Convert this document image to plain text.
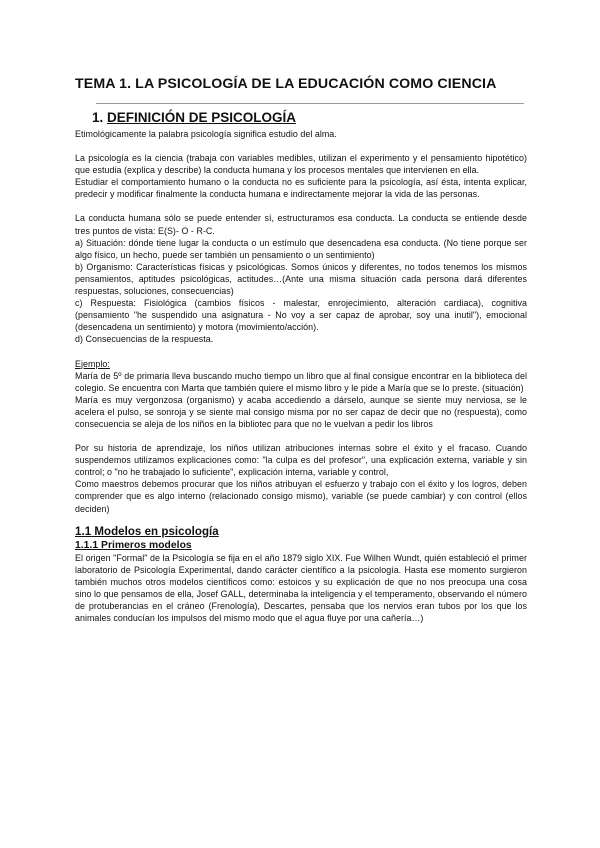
TEMA 1. LA PSICOLOGÍA DE LA EDUCACIÓN COMO CIENCIA
1. DEFINICIÓN DE PSICOLOGÍA

Etimológicamente la palabra psicología significa estudio del alma.

La psicología es la ciencia (trabaja con variables medibles, utilizan el experimento y el pensamiento hipotético) que estudia (explica y describe) la conducta humana y los procesos mentales que intervienen en ella.

Estudiar el comportamiento humano o la conducta no es suficiente para la psicología, así ésta, intenta explicar, predecir y modificar finalmente la conducta humana e indirectamente mejorar la vida de las personas.

La conducta humana sólo se puede entender sí, estructuramos esa conducta. La conducta se entiende desde tres puntos de vista: E(S)- O - R-C.

a) Situación: dónde tiene lugar la conducta o un estímulo que desencadena esa conducta. (No tiene porque ser algo físico, un hecho, puede ser también un pensamiento o un sentimiento)

b) Organismo: Características físicas y psicológicas. Somos únicos y diferentes, no todos tenemos los mismos pensamientos, aptitudes psicológicas, actitudes…(Ante una misma situación cada persona dará diferentes respuestas, soluciones, consecuencias)

c) Respuesta: Fisiológica (cambios físicos - malestar, enrojecimiento, alteración cardiaca), cognitiva (pensamiento "he suspendido una asignatura - No voy a ser capaz de aprobar, soy una inutil"), emocional (desencadena un sentimiento) y motora (movimiento/acción).

d) Consecuencias de la respuesta.

Ejemplo:

María de 5º de primaria lleva buscando mucho tiempo un libro que al final consigue encontrar en la biblioteca del colegio. Se encuentra con Marta que también quiere el mismo libro y le pide a María que se lo preste. (situación)

María es muy vergonzosa (organismo) y acaba accediendo a dárselo, aunque se siente muy nerviosa, se le acelera el pulso, se sonroja y se siente mal consigo misma por no ser capaz de decir que no (respuesta), como consecuencia se aleja de los niños en la bibliotec para que no le vuelvan a pedir los libros

Por su historia de aprendizaje, los niños utilizan atribuciones internas sobre el éxito y el fracaso. Cuando suspendemos utilizamos explicaciones como: "la culpa es del profesor", una explicación externa, variable y sin control; o "no he trabajado lo suficiente", explicación interna, variable y control,

Como maestros debemos procurar que los niños atribuyan el esfuerzo y trabajo con el éxito y los logros, deben comprender que es algo interno (relacionado consigo mismo), variable (se puede cambiar) y con control (ellos deciden)

1.1 Modelos en psicología

1.1.1 Primeros modelos

El origen "Formal" de la Psicología se fija en el año 1879 siglo XIX. Fue Wilhen Wundt, quién estableció el primer laboratorio de Psicología Experimental, dando carácter científico a la psicología. Hasta ese momento surgieron también muchos otros modelos científicos como: estoicos y su explicación de que no nos preocupa una cosa sino lo que pensamos de ella, Josef GALL, determinaba la inteligencia y el temperamento, observando el número de protuberancias en el cráneo (Frenología), Descartes, pensaba que los nervios eran tubos por los que los animales conducían los impulsos del mismo modo que el agua fluye por una cañería…)
